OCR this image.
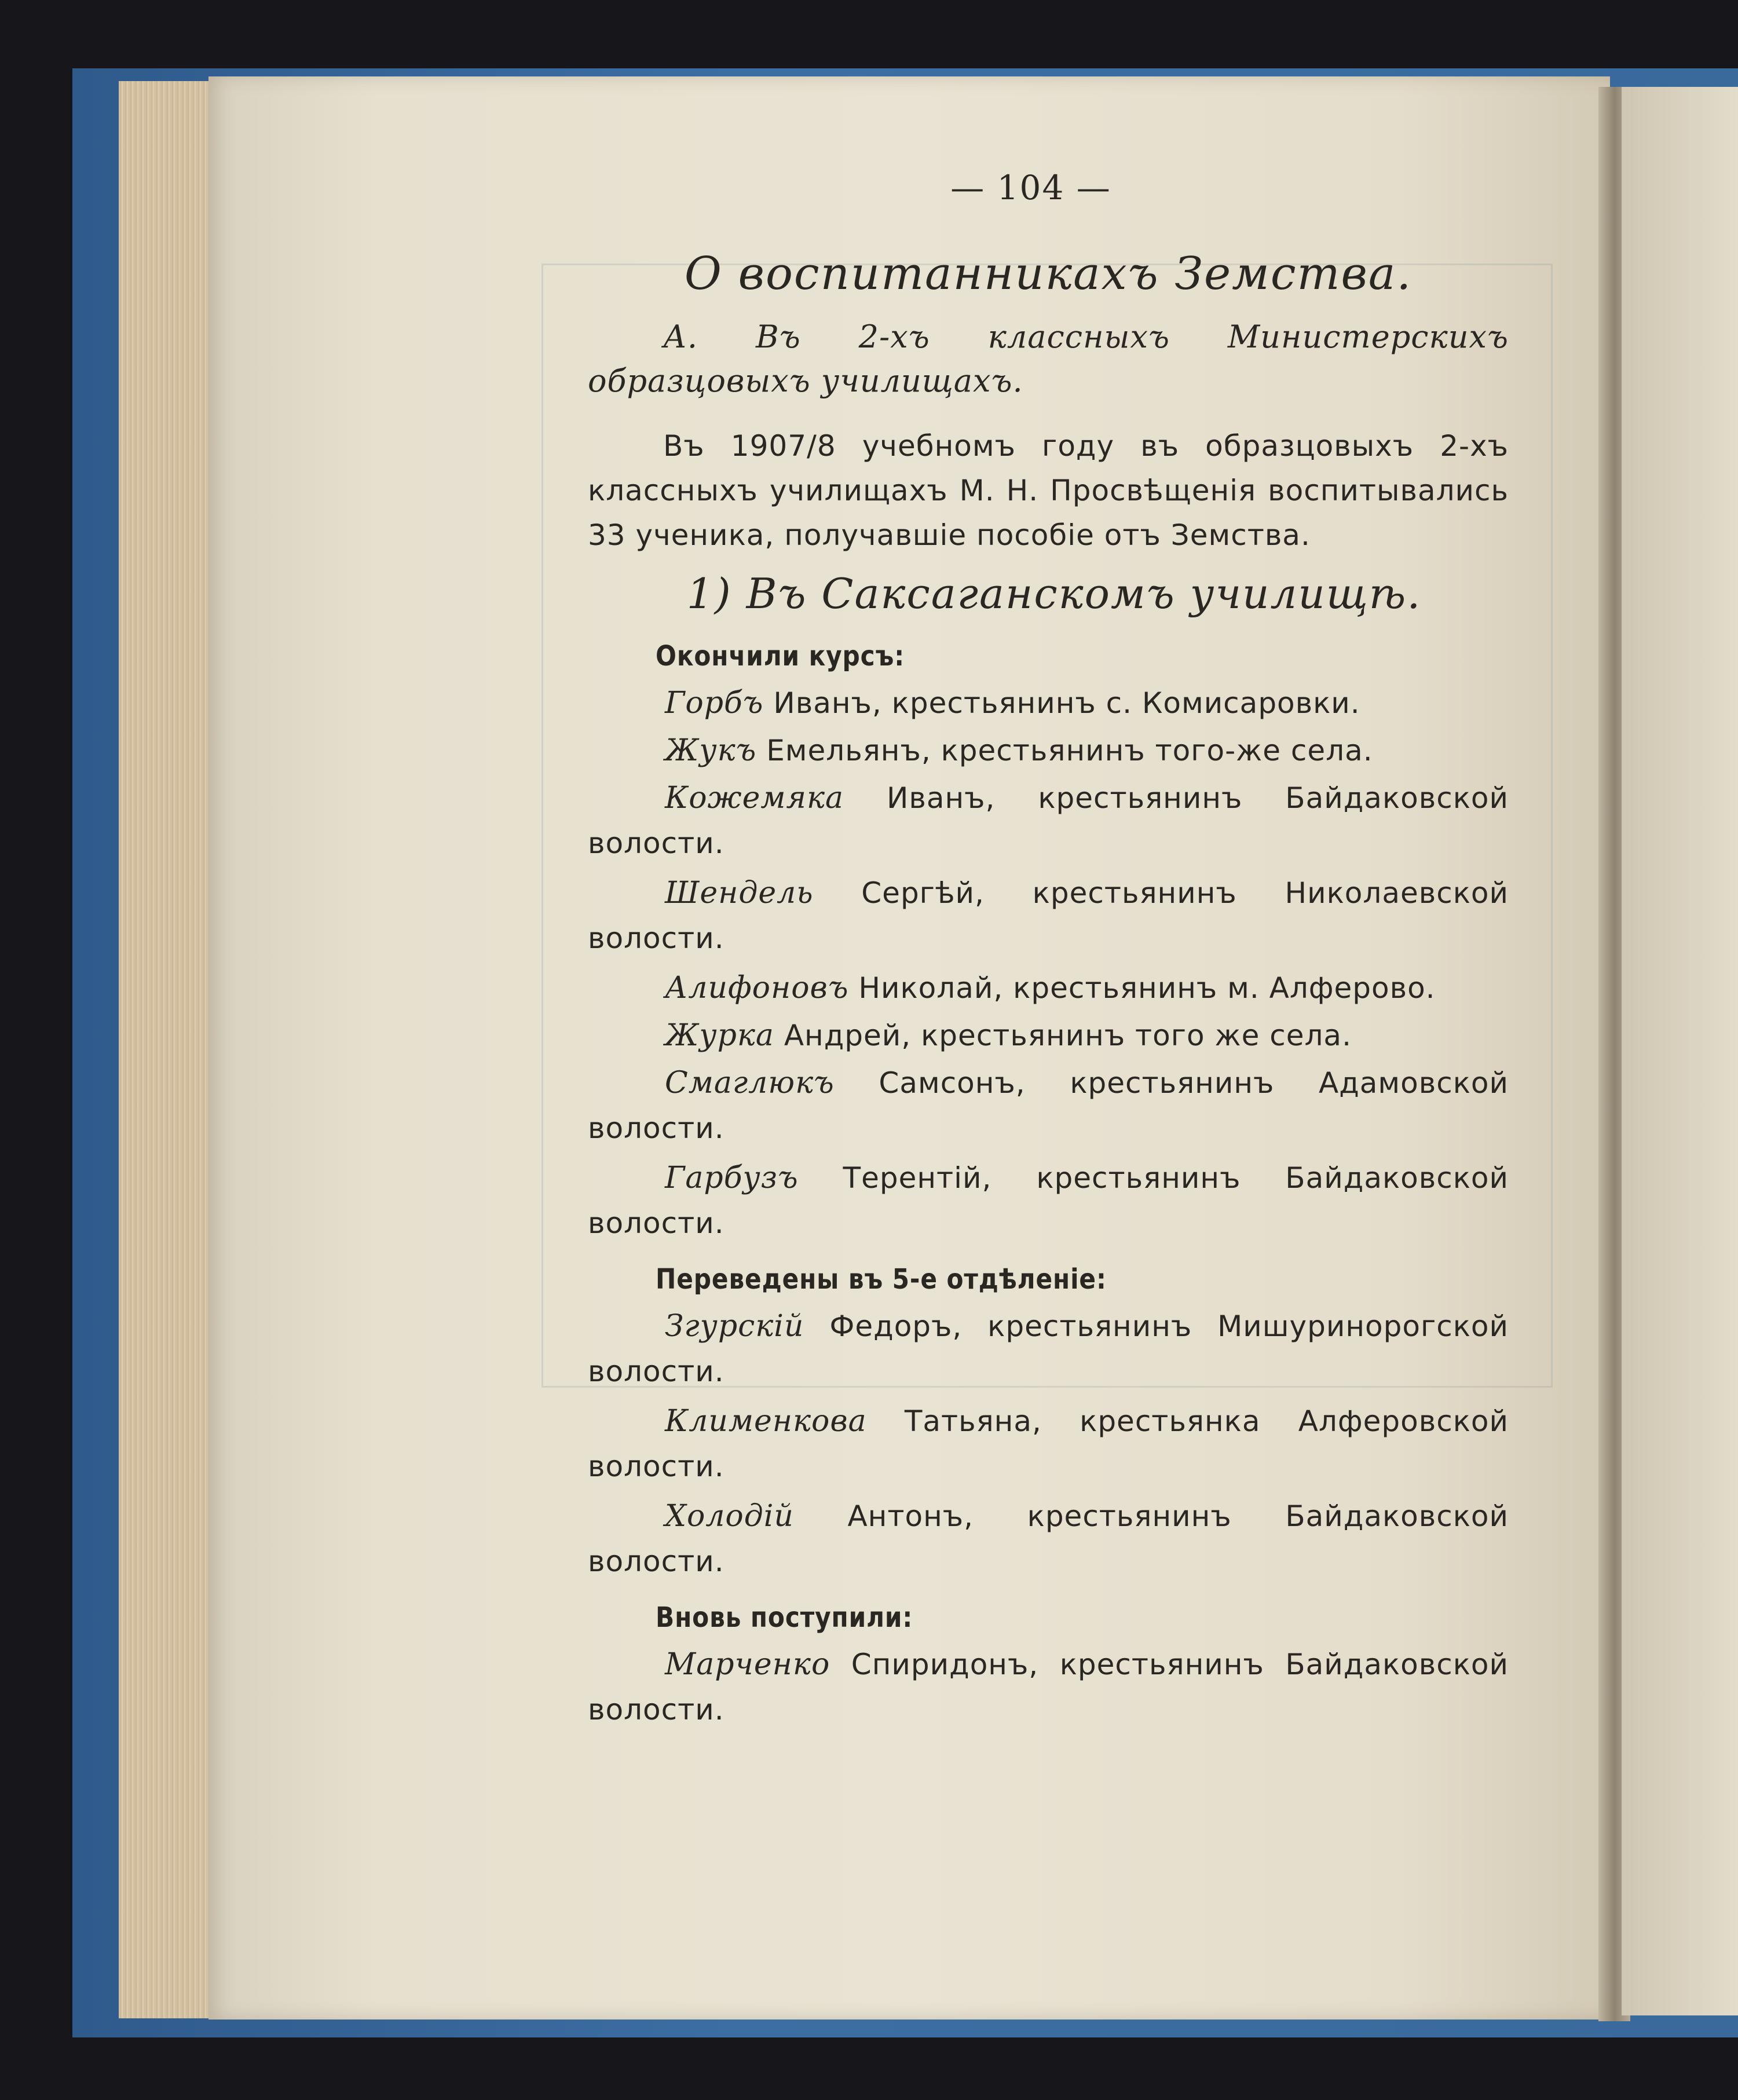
— 104 —
О воспитанникахъ Земства.
А. Въ 2-хъ классныхъ Министерскихъ образцовыхъ училищахъ.
Въ 1907/8 учебномъ году въ образцовыхъ 2-хъ классныхъ училищахъ М. Н. Просвѣщенія воспитывались 33 ученика, получавшіе пособіе отъ Земства.
1) Въ Саксаганскомъ училищѣ.
Окончили курсъ:
Горбъ Иванъ, крестьянинъ с. Комисаровки.
Жукъ Емельянъ, крестьянинъ того-же села.
Кожемяка Иванъ, крестьянинъ Байдаковской волости.
Шендель Сергѣй, крестьянинъ Николаевской волости.
Алифоновъ Николай, крестьянинъ м. Алферово.
Журка Андрей, крестьянинъ того же села.
Смаглюкъ Самсонъ, крестьянинъ Адамовской волости.
Гарбузъ Терентій, крестьянинъ Байдаковской волости.
Переведены въ 5-е отдѣленіе:
Згурскій Федоръ, крестьянинъ Мишуринорогской волости.
Клименкова Татьяна, крестьянка Алферовской волости.
Холодій Антонъ, крестьянинъ Байдаковской волости.
Вновь поступили:
Марченко Спиридонъ, крестьянинъ Байдаковской волости.
